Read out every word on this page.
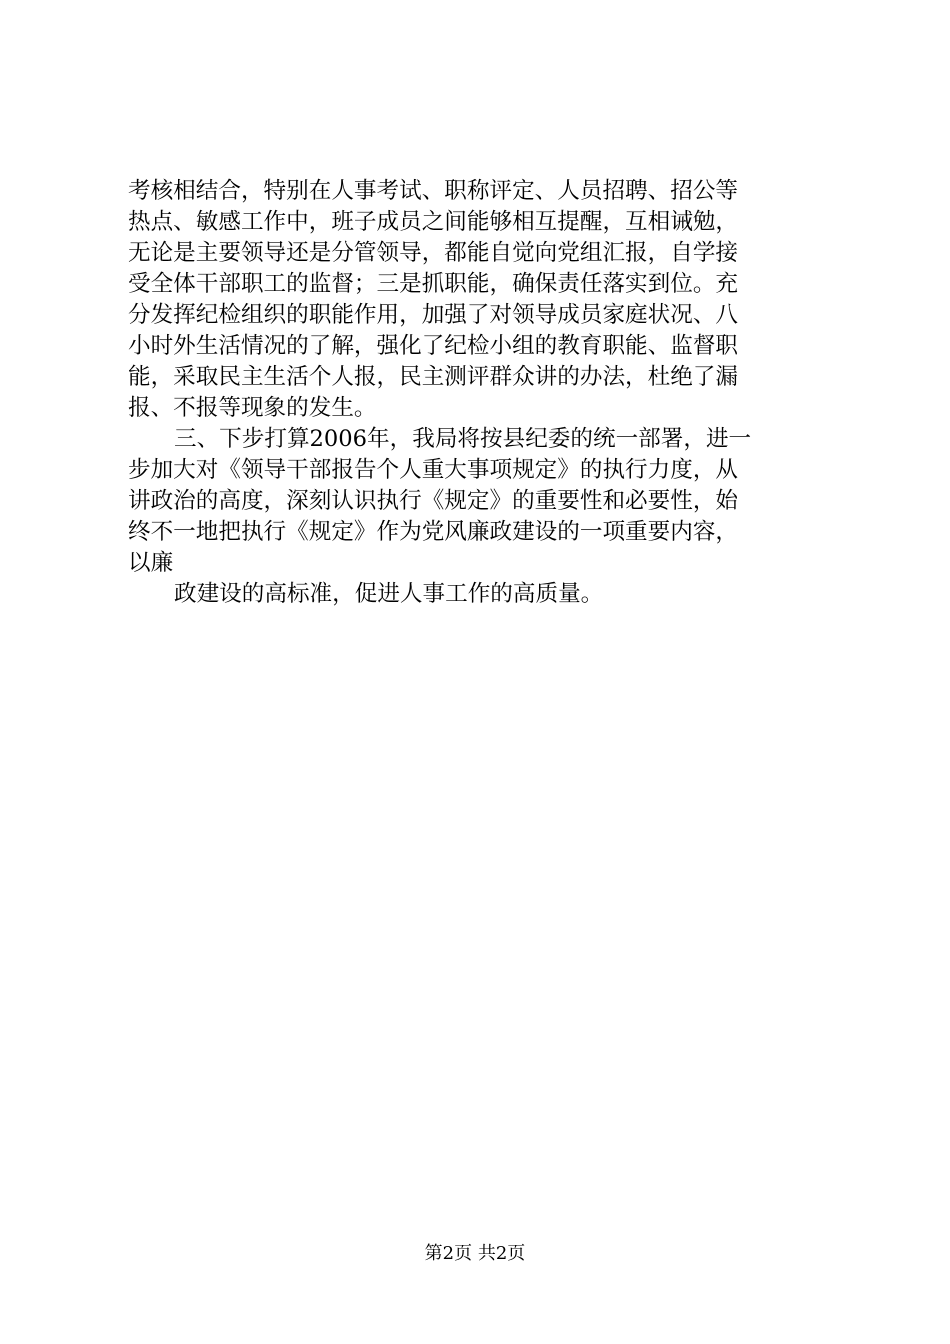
考核相结合，特别在人事考试、职称评定、人员招聘、招公等
热点、敏感工作中，班子成员之间能够相互提醒，互相诫勉，
无论是主要领导还是分管领导，都能自觉向党组汇报，自学接
受全体干部职工的监督；三是抓职能，确保责任落实到位。充
分发挥纪检组织的职能作用，加强了对领导成员家庭状况、八
小时外生活情况的了解，强化了纪检小组的教育职能、监督职
能，采取民主生活个人报，民主测评群众讲的办法，杜绝了漏
报、不报等现象的发生。
三、下步打算2006年，我局将按县纪委的统一部署，进一
步加大对《领导干部报告个人重大事项规定》的执行力度，从
讲政治的高度，深刻认识执行《规定》的重要性和必要性，始
终不一地把执行《规定》作为党风廉政建设的一项重要内容，
以廉
政建设的高标准，促进人事工作的高质量。
第2页 共2页
